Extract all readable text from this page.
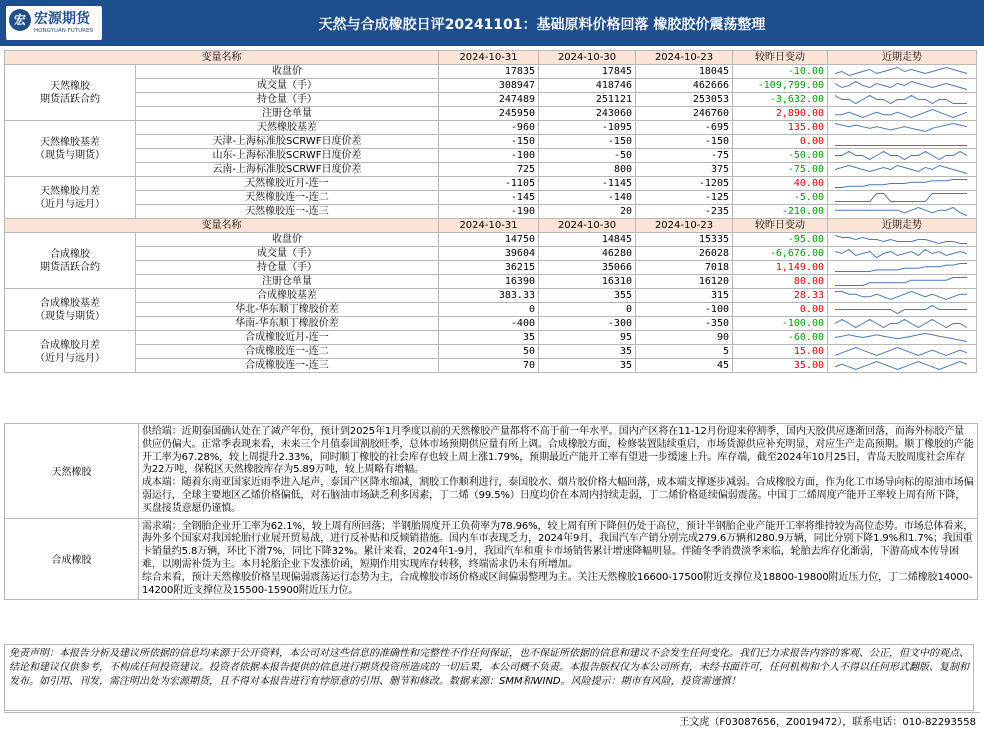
宏 宏源期货
HONGYUAN FUTURES	天然与合成橡胶日评20241101：基础原料价格回落 橡胶胶价震荡整理
变量名称		2024-10-31	2024-10-30	2024-10-23	较昨日变动	近期走势
天然橡胶
期货活跃合约	收盘价	17835	17845	18045	-10.00	

	成交量（手）	308947	418746	462666	-109,799.00	

	持仓量（手）	247489	251121	253053	-3,632.00	

	注册仓单量	245950	243060	246760	2,890.00	

天然橡胶基差
（现货与期货）	天然橡胶基差	-960	-1095	-695	135.00	

	天津-上海标准胶SCRWF日度价差	-150	-150	-150	0.00	

	山东-上海标准胶SCRWF日度价差	-100	-50	-75	-50.00	

	云南-上海标准胶SCRWF日度价差	725	800	375	-75.00	

天然橡胶月差
（近月与远月）	天然橡胶近月-连一	-1105	-1145	-1205	40.00	

	天然橡胶连一-连二	-145	-140	-125	-5.00	

	天然橡胶连一-连三	-190	20	-235	-210.00	

变量名称		2024-10-31	2024-10-30	2024-10-23	较昨日变动	近期走势
合成橡胶
期货活跃合约	收盘价	14750	14845	15335	-95.00	

	成交量（手）	39604	46280	26028	-6,676.00	

	持仓量（手）	36215	35066	7018	1,149.00	

	注册仓单量	16390	16310	16120	80.00	

合成橡胶基差
（现货与期货）	合成橡胶基差	383.33	355	315	28.33	

	华北-华东顺丁橡胶价差	0	0	-100	0.00	

	华南-华东顺丁橡胶价差	-400	-300	-350	-100.00	

合成橡胶月差
（近月与远月）	合成橡胶近月-连一	35	95	90	-60.00	

	合成橡胶连一-连二	50	35	5	15.00	

	合成橡胶连一-连三	70	35	45	35.00	
天然橡胶	供给端：近期泰国确认处在了减产年份，预计到2025年1月季度以前的天然橡胶产量都将不高于前一年水平。国内产区将在11-12月份迎来停割季，国内天胶供应逐渐回落，而海外标胶产量供应仍偏大。正常季表现来看，未来三个月值泰国割胶旺季，总体市场预期供应量有所上调。合成橡胶方面，检修装置陆续重启，市场货源供应补充明显，对应生产走高预期。顺丁橡胶的产能开工率为67.28%，较上周提升2.33%，同时顺丁橡胶的社会库存也较上周上涨1.79%，预期最近产能开工率有望进一步缓速上升。库存端，截至2024年10月25日，青岛天胶周度社会库存为22万吨，保税区天然橡胶库存为5.89万吨，较上周略有增幅。
成本端：随着东南亚国家近雨季进入尾声，泰国产区降水缩减，割胶工作顺利进行，泰国胶水、烟片胶价格大幅回落，成本端支撑逐步减弱。合成橡胶方面，作为化工市场导向标的原油市场偏弱运行，全球主要地区乙烯价格偏低，对石脑油市场缺乏利多因素，丁二烯（99.5%）日度均价在本周内持续走弱，丁二烯价格延续偏弱震荡。中国丁二烯周度产能开工率较上周有所下降，买盘接货意愿仍谨慎。

合成橡胶	需求端：全钢胎企业开工率为62.1%，较上周有所回落；半钢胎周度开工负荷率为78.96%，较上周有所下降但仍处于高位，预计半钢胎企业产能开工率将维持较为高位态势。市场总体看来，海外多个国家对我国轮胎行业展开贸易战，进行反补贴和反倾销措施。国内车市表现乏力，2024年9月，我国汽车产销分别完成279.6万辆和280.9万辆，同比分别下降1.9%和1.7%；我国重卡销量约5.8万辆，环比下滑7%，同比下降32%。累计来看，2024年1-9月，我国汽车和重卡市场销售累计增速降幅明显。伴随冬季消费淡季来临，轮胎去库存化渐弱，下游高成本传导困难，以刚需补货为主。本月轮胎企业下发涨价函，短期作用实现库存转移，终端需求仍未有所增加。
综合来看，预计天然橡胶价格呈现偏弱震荡运行态势为主，合成橡胶市场价格或区间偏弱整理为主。关注天然橡胶16600-17500附近支撑位及18800-19800附近压力位，丁二烯橡胶14000-14200附近支撑位及15500-15900附近压力位。
免责声明：本报告分析及建议所依据的信息均来源于公开资料，本公司对这些信息的准确性和完整性不作任何保证，也不保证所依据的信息和建议不会发生任何变化。我们已力求报告内容的客观、公正，但文中的观点、结论和建议仅供参考，不构成任何投资建议。投资者依据本报告提供的信息进行期货投资所造成的一切后果，本公司概不负责。本报告版权仅为本公司所有，未经书面许可，任何机构和个人不得以任何形式翻版、复制和发布。如引用、刊发，需注明出处为宏源期货，且不得对本报告进行有悖原意的引用、删节和修改。数据来源：SMM和WIND。风险提示：期市有风险，投资需谨慎！
王文虎（F03087656，Z0019472），联系电话：010-82293558
